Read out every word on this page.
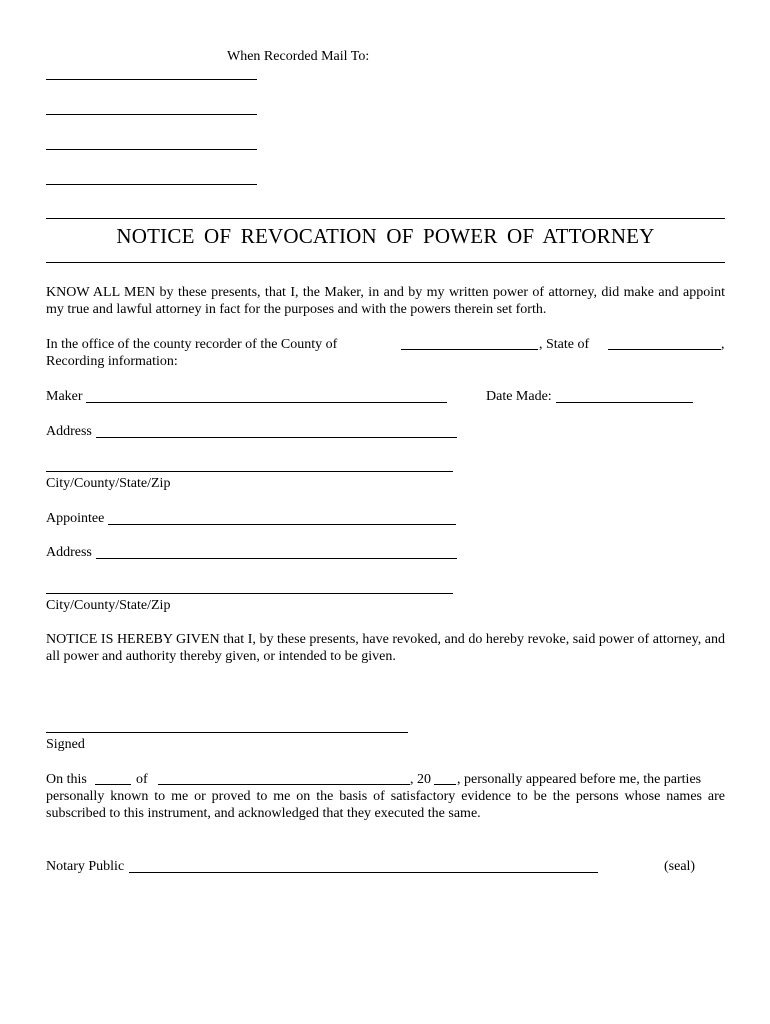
When Recorded Mail To:
NOTICE OF REVOCATION OF POWER OF ATTORNEY
KNOW ALL MEN by these presents, that I, the Maker, in and by my written power of attorney, did make and appoint my true and lawful attorney in fact for the purposes and with the powers therein set forth.
In the office of the county recorder of the County of	, State of	,
Recording information:
Maker	Date Made:
Address
City/County/State/Zip
Appointee
Address
City/County/State/Zip
NOTICE IS HEREBY GIVEN that I, by these presents, have revoked, and do hereby revoke, said power of attorney, and all power and authority thereby given, or intended to be given.
Signed
On this	of	, 20 , personally appeared before me, the parties
personally known to me or proved to me on the basis of satisfactory evidence to be the persons whose names are subscribed to this instrument, and acknowledged that they executed the same.
Notary Public	(seal)
